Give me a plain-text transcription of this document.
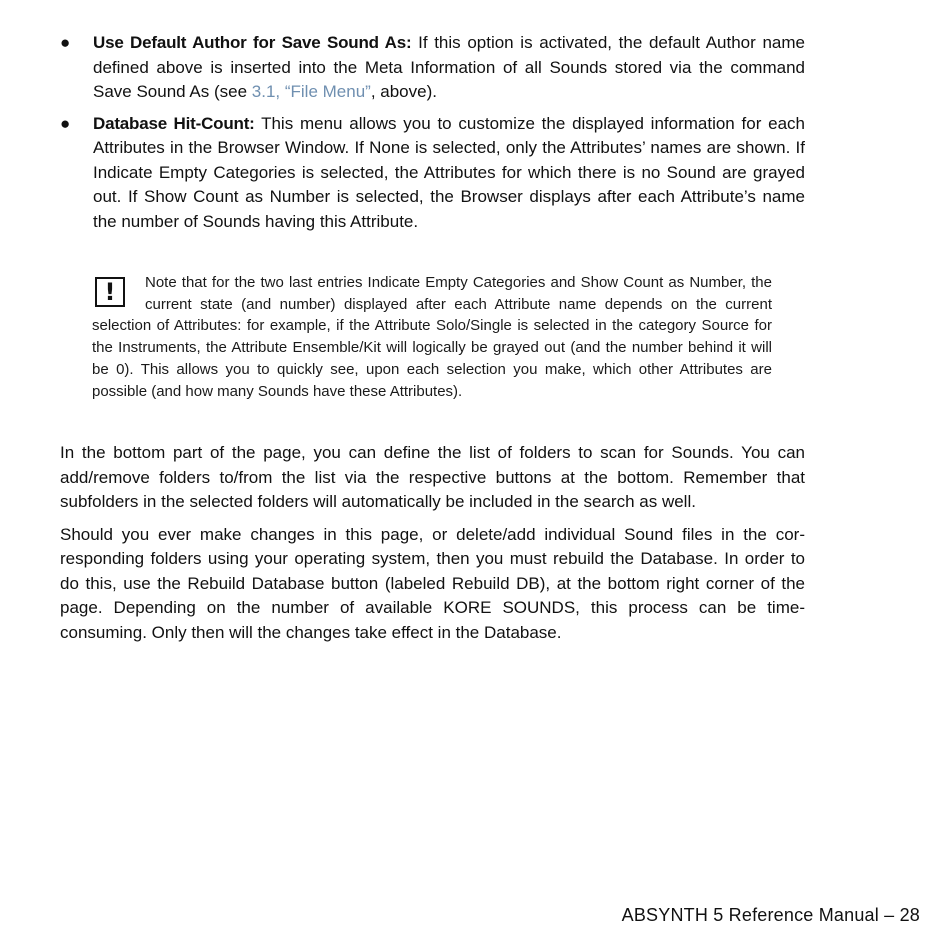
● Use Default Author for Save Sound As: If this option is activated, the default Author name defined above is inserted into the Meta Information of all Sounds stored via the command Save Sound As (see 3.1, “File Menu”, above).
● Database Hit-Count: This menu allows you to customize the displayed information for each Attributes in the Browser Window. If None is selected, only the Attributes’ names are shown. If Indicate Empty Categories is selected, the Attributes for which there is no Sound are grayed out. If Show Count as Number is selected, the Browser displays after each Attribute’s name the number of Sounds having this Attribute.
!	Note that for the two last entries Indicate Empty Categories and Show Count as Number, the current state (and number) displayed after each Attribute name depends on the current selection of Attributes: for example, if the Attribute Solo/Single is selected in the category Source for the Instruments, the Attribute Ensemble/Kit will logically be grayed out (and the number behind it will be 0). This allows you to quickly see, upon each selection you make, which other Attributes are possible (and how many Sounds have these Attributes).

In the bottom part of the page, you can define the list of folders to scan for Sounds. You can add/remove folders to/from the list via the respective buttons at the bottom. Remember that subfolders in the selected folders will automatically be included in the search as well.

Should you ever make changes in this page, or delete/add individual Sound files in the corresponding folders using your operating system, then you must rebuild the Database. In order to do this, use the Rebuild Database button (labeled Rebuild DB), at the bottom right corner of the page. Depending on the number of available KORE SOUNDS, this process can be time-consuming. Only then will the changes take effect in the Database.

ABSYNTH 5 Reference Manual – 28
